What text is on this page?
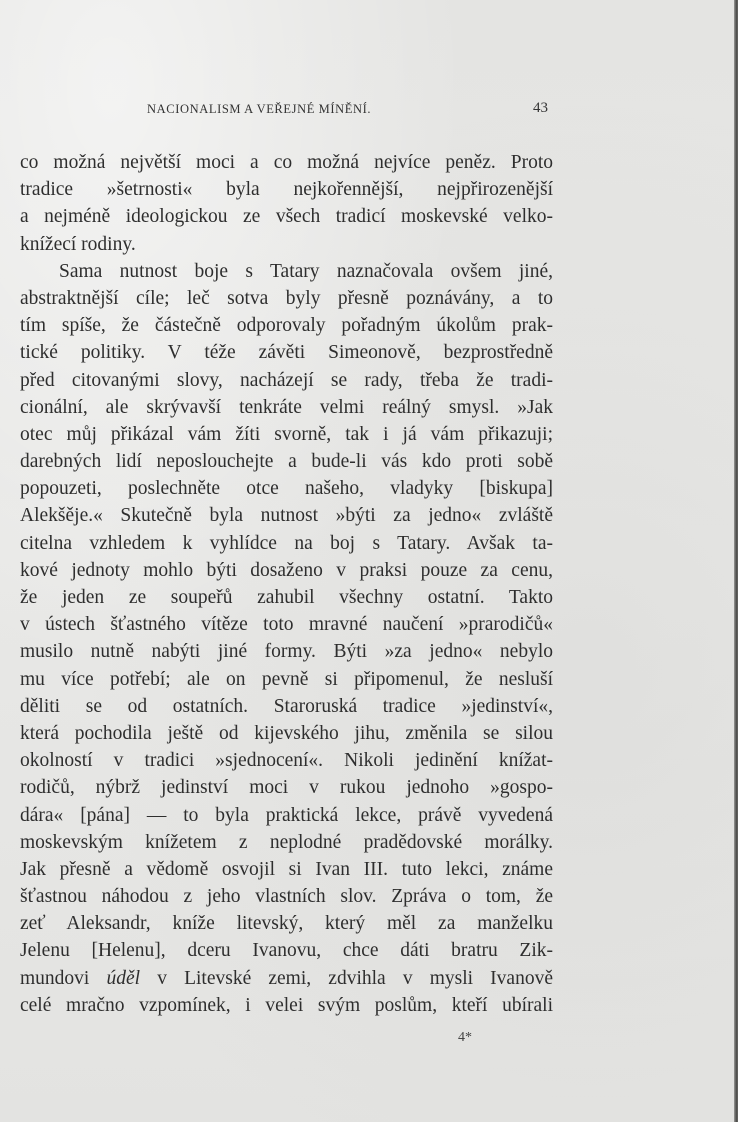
NACIONALISM A VEŘEJNÉ MÍNĚNÍ.	43
co možná největší moci a co možná nejvíce peněz. Proto
tradice »šetrnosti« byla nejkořennější, nejpřirozenější
a nejméně ideologickou ze všech tradicí moskevské velko-
knížecí rodiny.
Sama nutnost boje s Tatary naznačovala ovšem jiné,
abstraktnější cíle; leč sotva byly přesně poznávány, a to
tím spíše, že částečně odporovaly pořadným úkolům prak-
tické politiky. V téže závěti Simeonově, bezprostředně
před citovanými slovy, nacházejí se rady, třeba že tradi-
cionální, ale skrývavší tenkráte velmi reálný smysl. »Jak
otec můj přikázal vám žíti svorně, tak i já vám přikazuji;
darebných lidí neposlouchejte a bude-li vás kdo proti sobě
popouzeti, poslechněte otce našeho, vladyky [biskupa]
Alekšěje.« Skutečně byla nutnost »býti za jedno« zvláště
citelna vzhledem k vyhlídce na boj s Tatary. Avšak ta-
kové jednoty mohlo býti dosaženo v praksi pouze za cenu,
že jeden ze soupeřů zahubil všechny ostatní. Takto
v ústech šťastného vítěze toto mravné naučení »prarodičů«
musilo nutně nabýti jiné formy. Býti »za jedno« nebylo
mu více potřebí; ale on pevně si připomenul, že nesluší
děliti se od ostatních. Staroruská tradice »jedinství«,
která pochodila ještě od kijevského jihu, změnila se silou
okolností v tradici »sjednocení«. Nikoli jedinění knížat-
rodičů, nýbrž jedinství moci v rukou jednoho »gospo-
dára« [pána] — to byla praktická lekce, právě vyvedená
moskevským knížetem z neplodné pradědovské morálky.
Jak přesně a vědomě osvojil si Ivan III. tuto lekci, známe
šťastnou náhodou z jeho vlastních slov. Zpráva o tom, že
zeť Aleksandr, kníže litevský, který měl za manželku
Jelenu [Helenu], dceru Ivanovu, chce dáti bratru Zik-
mundovi úděl v Litevské zemi, zdvihla v mysli Ivanově
celé mračno vzpomínek, i velei svým poslům, kteří ubírali
4*
